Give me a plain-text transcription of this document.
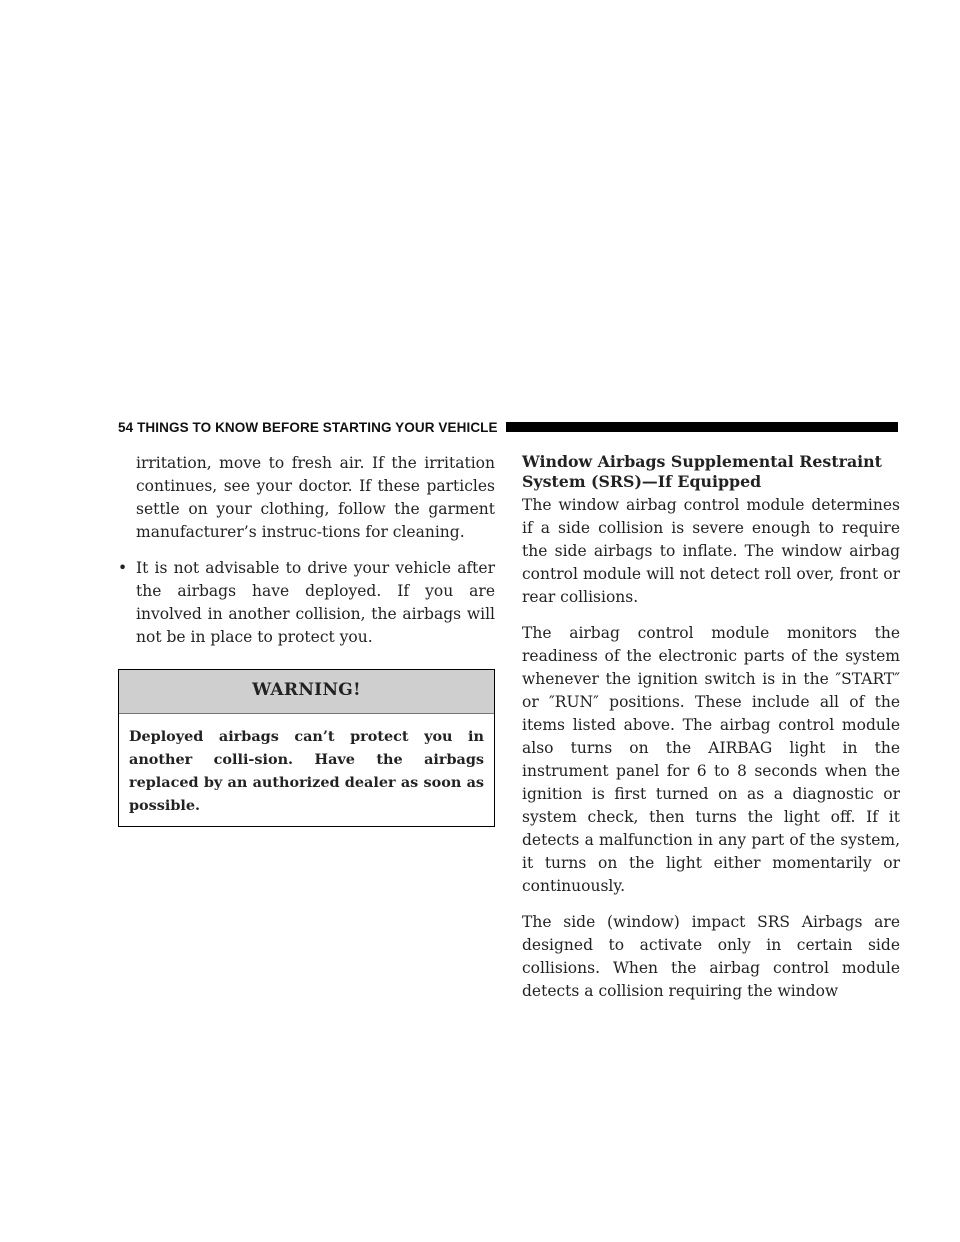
54 THINGS TO KNOW BEFORE STARTING YOUR VEHICLE

irritation, move to fresh air. If the irritation continues, see your doctor. If these particles settle on your clothing, follow the garment manufacturer’s instruc-tions for cleaning.

• It is not advisable to drive your vehicle after the airbags have deployed. If you are involved in another collision, the airbags will not be in place to protect you.
WARNING!
Deployed airbags can’t protect you in another colli-sion. Have the airbags replaced by an authorized dealer as soon as possible.
Window Airbags Supplemental Restraint System (SRS)—If Equipped

The window airbag control module determines if a side collision is severe enough to require the side airbags to inflate. The window airbag control module will not detect roll over, front or rear collisions.

The airbag control module monitors the readiness of the electronic parts of the system whenever the ignition switch is in the ″START″ or ″RUN″ positions. These include all of the items listed above. The airbag control module also turns on the AIRBAG light in the instrument panel for 6 to 8 seconds when the ignition is first turned on as a diagnostic or system check, then turns the light off. If it detects a malfunction in any part of the system, it turns on the light either momentarily or continuously.

The side (window) impact SRS Airbags are designed to activate only in certain side collisions. When the airbag control module detects a collision requiring the window
